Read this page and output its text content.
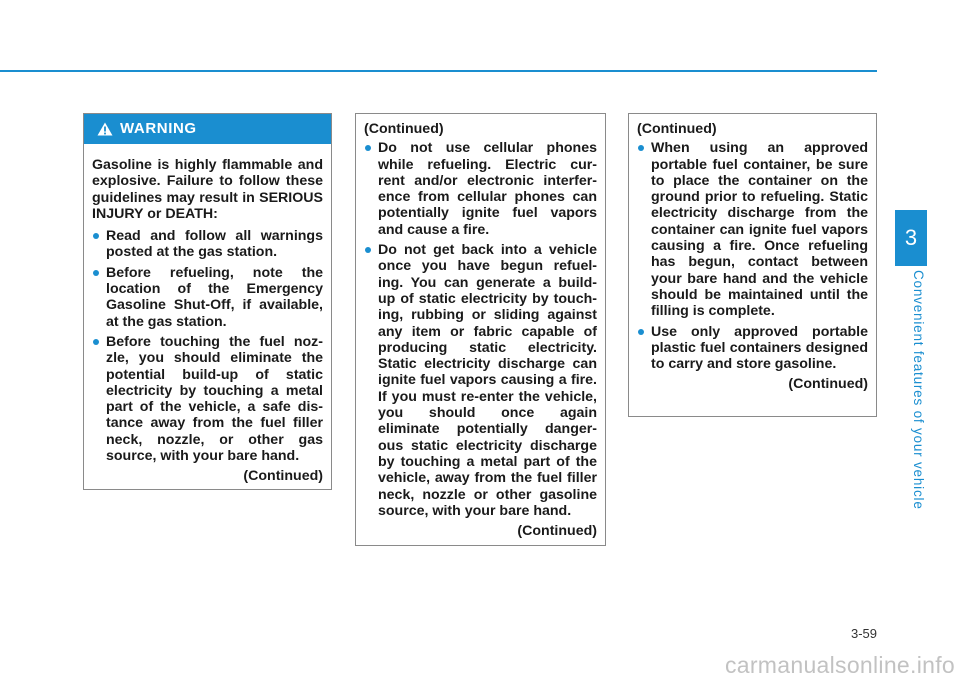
3
Convenient features of your vehicle
WARNING

Gasoline is highly flammable and explosive. Failure to follow these guidelines may result in SERIOUS INJURY or DEATH:

Read and follow all warnings posted at the gas station.
Before refueling, note the location of the Emergency Gasoline Shut-Off, if available, at the gas station.
Before touching the fuel noz- zle, you should eliminate the potential build-up of static electricity by touching a metal part of the vehicle, a safe dis- tance away from the fuel filler neck, nozzle, or other gas source, with your bare hand.
(Continued)

(Continued)

Do not use cellular phones while refueling. Electric cur- rent and/or electronic interfer- ence from cellular phones can potentially ignite fuel vapors and cause a fire.
Do not get back into a vehicle once you have begun refuel- ing. You can generate a build- up of static electricity by touch- ing, rubbing or sliding against any item or fabric capable of producing static electricity. Static electricity discharge can ignite fuel vapors causing a fire. If you must re-enter the vehicle, you should once again eliminate potentially danger- ous static electricity discharge by touching a metal part of the vehicle, away from the fuel filler neck, nozzle or other gasoline source, with your bare hand.
(Continued)

(Continued)

When using an approved portable fuel container, be sure to place the container on the ground prior to refueling. Static electricity discharge from the container can ignite fuel vapors causing a fire. Once refueling has begun, contact between your bare hand and the vehicle should be maintained until the filling is complete.
Use only approved portable plastic fuel containers designed to carry and store gasoline.
(Continued)
3-59
carmanualsonline.info
